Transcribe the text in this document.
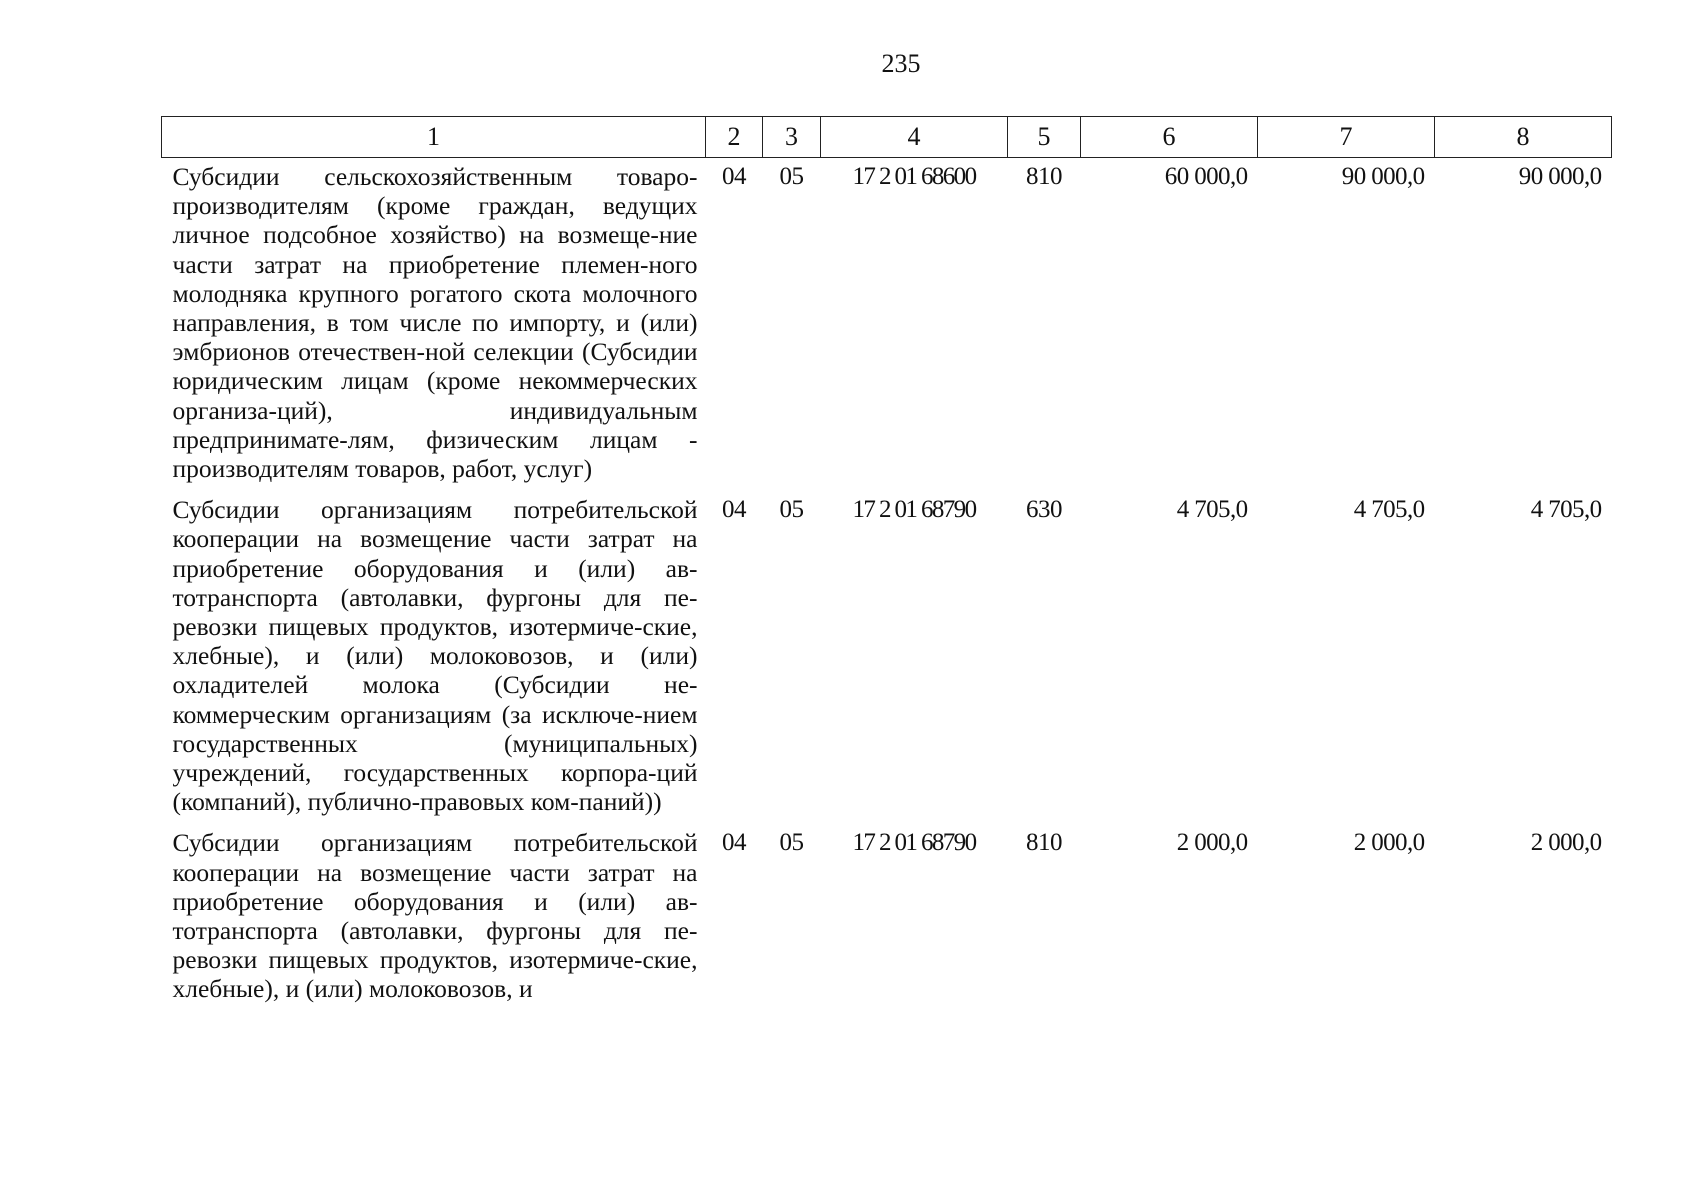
235
1	2	3	4	5	6	7	8
Субсидии сельскохозяйственным товаро-производителям (кроме граждан, ведущих личное подсобное хозяйство) на возмеще-ние части затрат на приобретение племен-ного молодняка крупного рогатого скота молочного направления, в том числе по импорту, и (или) эмбрионов отечествен-ной селекции (Субсидии юридическим лицам (кроме некоммерческих организа-ций), индивидуальным предпринимате-лям, физическим лицам - производителям товаров, работ, услуг)	04	05	17 2 01 68600	810	60 000,0	90 000,0	90 000,0
Субсидии организациям потребительской кооперации на возмещение части затрат на приобретение оборудования и (или) ав-тотранспорта (автолавки, фургоны для пе-ревозки пищевых продуктов, изотермиче-ские, хлебные), и (или) молоковозов, и (или) охладителей молока (Субсидии не-коммерческим организациям (за исключе-нием государственных (муниципальных) учреждений, государственных корпора-ций (компаний), публично-правовых ком-паний))	04	05	17 2 01 68790	630	4 705,0	4 705,0	4 705,0
Субсидии организациям потребительской кооперации на возмещение части затрат на приобретение оборудования и (или) ав-тотранспорта (автолавки, фургоны для пе-ревозки пищевых продуктов, изотермиче-ские, хлебные), и (или) молоковозов, и	04	05	17 2 01 68790	810	2 000,0	2 000,0	2 000,0
